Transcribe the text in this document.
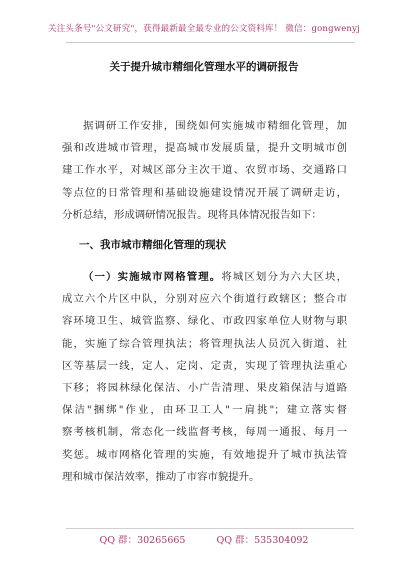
关注头条号"公文研究"，获得最新最全最专业的公文资料库！ 微信：gongwenyj
关于提升城市精细化管理水平的调研报告
据调研工作安排，围绕如何实施城市精细化管理，加
强和改进城市管理，提高城市发展质量，提升文明城市创
建工作水平，对城区部分主次干道、农贸市场、交通路口
等点位的日常管理和基础设施建设情况开展了调研走访，
分析总结，形成调研情况报告。现将具体情况报告如下：
一、我市城市精细化管理的现状
（一）实施城市网格管理。将城区划分为六大区块，
成立六个片区中队，分别对应六个街道行政辖区；整合市
容环境卫生、城管监察、绿化、市政四家单位人财物与职
能，实施了综合管理执法；将管理执法人员沉入街道、社
区等基层一线，定人、定岗、定责，实现了管理执法重心
下移；将园林绿化保洁、小广告清理、果皮箱保洁与道路
保洁"捆绑"作业，由环卫工人"一肩挑"；建立落实督
察考核机制，常态化一线监督考核，每周一通报、每月一
奖惩。城市网格化管理的实施，有效地提升了城市执法管
理和城市保洁效率，推动了市容市貌提升。
QQ 群：30265665	QQ 群：535304092
